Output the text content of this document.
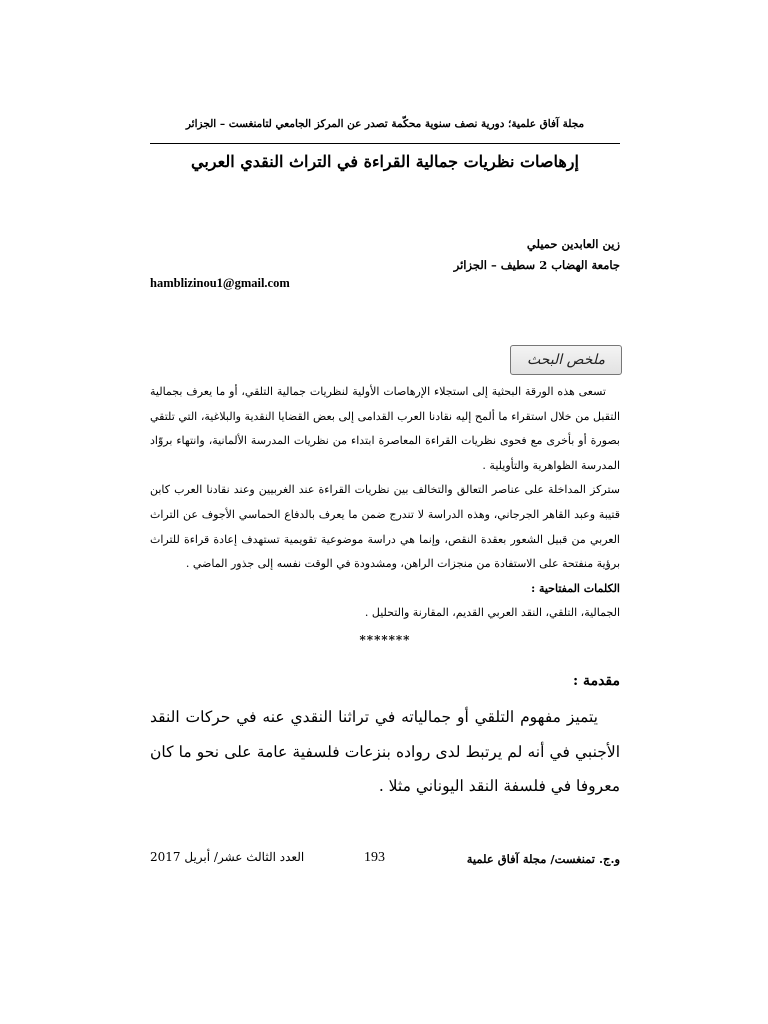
مجلة آفاق علمية؛ دورية نصف سنوية محكّمة تصدر عن المركز الجامعي لتامنغست – الجزائر
إرهاصات نظريات جمالية القراءة في التراث النقدي العربي
زين العابدين حميلي
جامعة الهضاب 2 سطيف – الجزائر
hamblizinou1@gmail.com
ملخص البحث

تسعى هذه الورقة البحثية إلى استجلاء الإرهاصات الأولية لنظريات جمالية التلقي، أو ما يعرف بجمالية التقبل من خلال استقراء ما ألمح إليه نقادنا العرب القدامى إلى بعض القضايا النقدية والبلاغية، التي تلتقي بصورة أو بأخرى مع فحوى نظريات القراءة المعاصرة ابتداء من نظريات المدرسة الألمانية، وانتهاء بروّاد المدرسة الظواهرية والتأويلية .

ستركز المداخلة على عناصر التعالق والتخالف بين نظريات القراءة عند الغربيين وعند نقادنا العرب كابن قتيبة وعبد القاهر الجرجاني، وهذه الدراسة لا تندرج ضمن ما يعرف بالدفاع الحماسي الأجوف عن التراث العربي من قبيل الشعور بعقدة النقص، وإنما هي دراسة موضوعية تقويمية تستهدف إعادة قراءة للتراث برؤية منفتحة على الاستفادة من منجزات الراهن، ومشدودة في الوقت نفسه إلى جذور الماضي .

الكلمات المفتاحية :

الجمالية، التلقي، النقد العربي القديم، المقارنة والتحليل .

*******
مقدمة :

يتميز مفهوم التلقي أو جمالياته في تراثنا النقدي عنه في حركات النقد الأجنبي في أنه لم يرتبط لدى رواده بنزعات فلسفية عامة على نحو ما كان معروفا في فلسفة النقد اليوناني مثلا .

و.ج. تمنغست/ مجلة آفاق علمية
193
العدد الثالث عشر/ أبريل 2017
